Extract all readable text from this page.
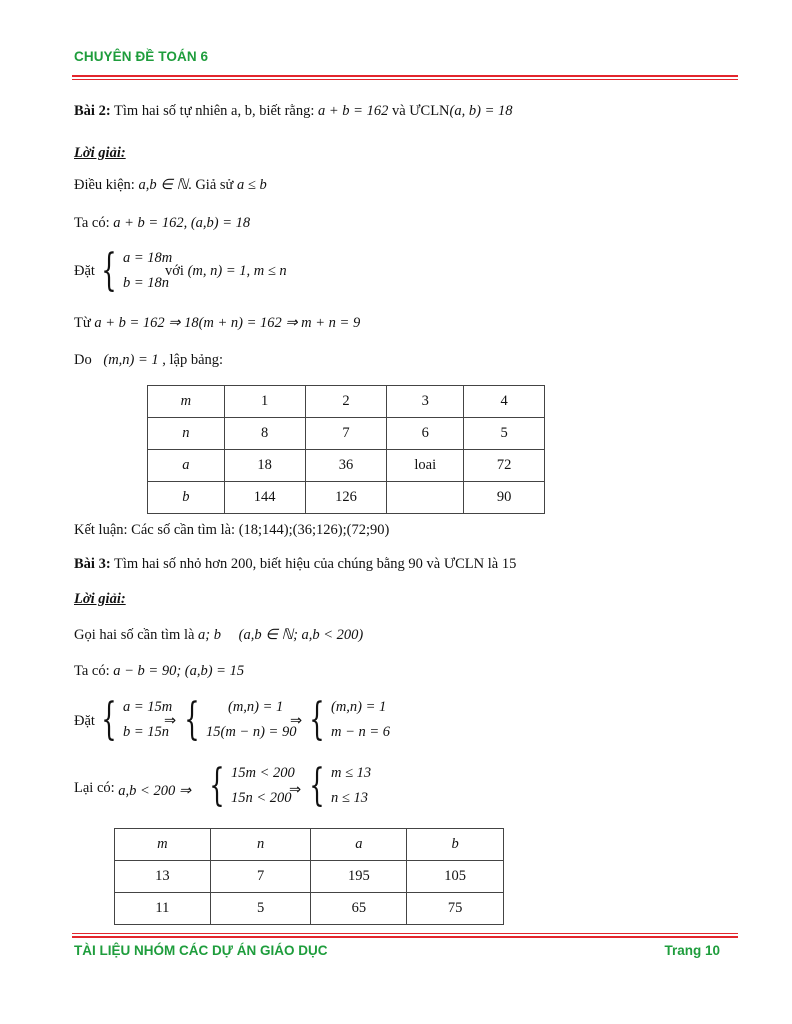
CHUYÊN ĐỀ TOÁN 6
Bài 2: Tìm hai số tự nhiên a, b, biết rằng: a + b = 162 và ƯCLN(a, b) = 18
Lời giải:
Điều kiện: a,b ∈ ℕ. Giả sử a ≤ b
Ta có: a + b = 162, (a,b) = 18
Đặt { a = 18m
b = 18n
với (m, n) = 1, m ≤ n
Từ a + b = 162 ⇒ 18(m + n) = 162 ⇒ m + n = 9
Do (m,n) = 1 , lập bảng:
m	1	2	3	4
n	8	7	6	5
a	18	36	loai	72
b	144	126		90
Kết luận: Các số cần tìm là: (18;144);(36;126);(72;90)
Bài 3: Tìm hai số nhỏ hơn 200, biết hiệu của chúng bằng 90 và ƯCLN là 15
Lời giải:
Gọi hai số cần tìm là a; b (a,b ∈ ℕ; a,b < 200)
Ta có: a − b = 90; (a,b) = 15
Đặt { a = 15m
b = 15n
⇒ {	(m,n) = 1
15(m − n) = 90
⇒ { (m,n) = 1
m − n = 6
Lại có: a,b < 200 ⇒ { 15m < 200
15n < 200
⇒ { m ≤ 13
n ≤ 13
m	n	a	b
13	7	195	105
11	5	65	75
TÀI LIỆU NHÓM CÁC DỰ ÁN GIÁO DỤC	Trang 10
